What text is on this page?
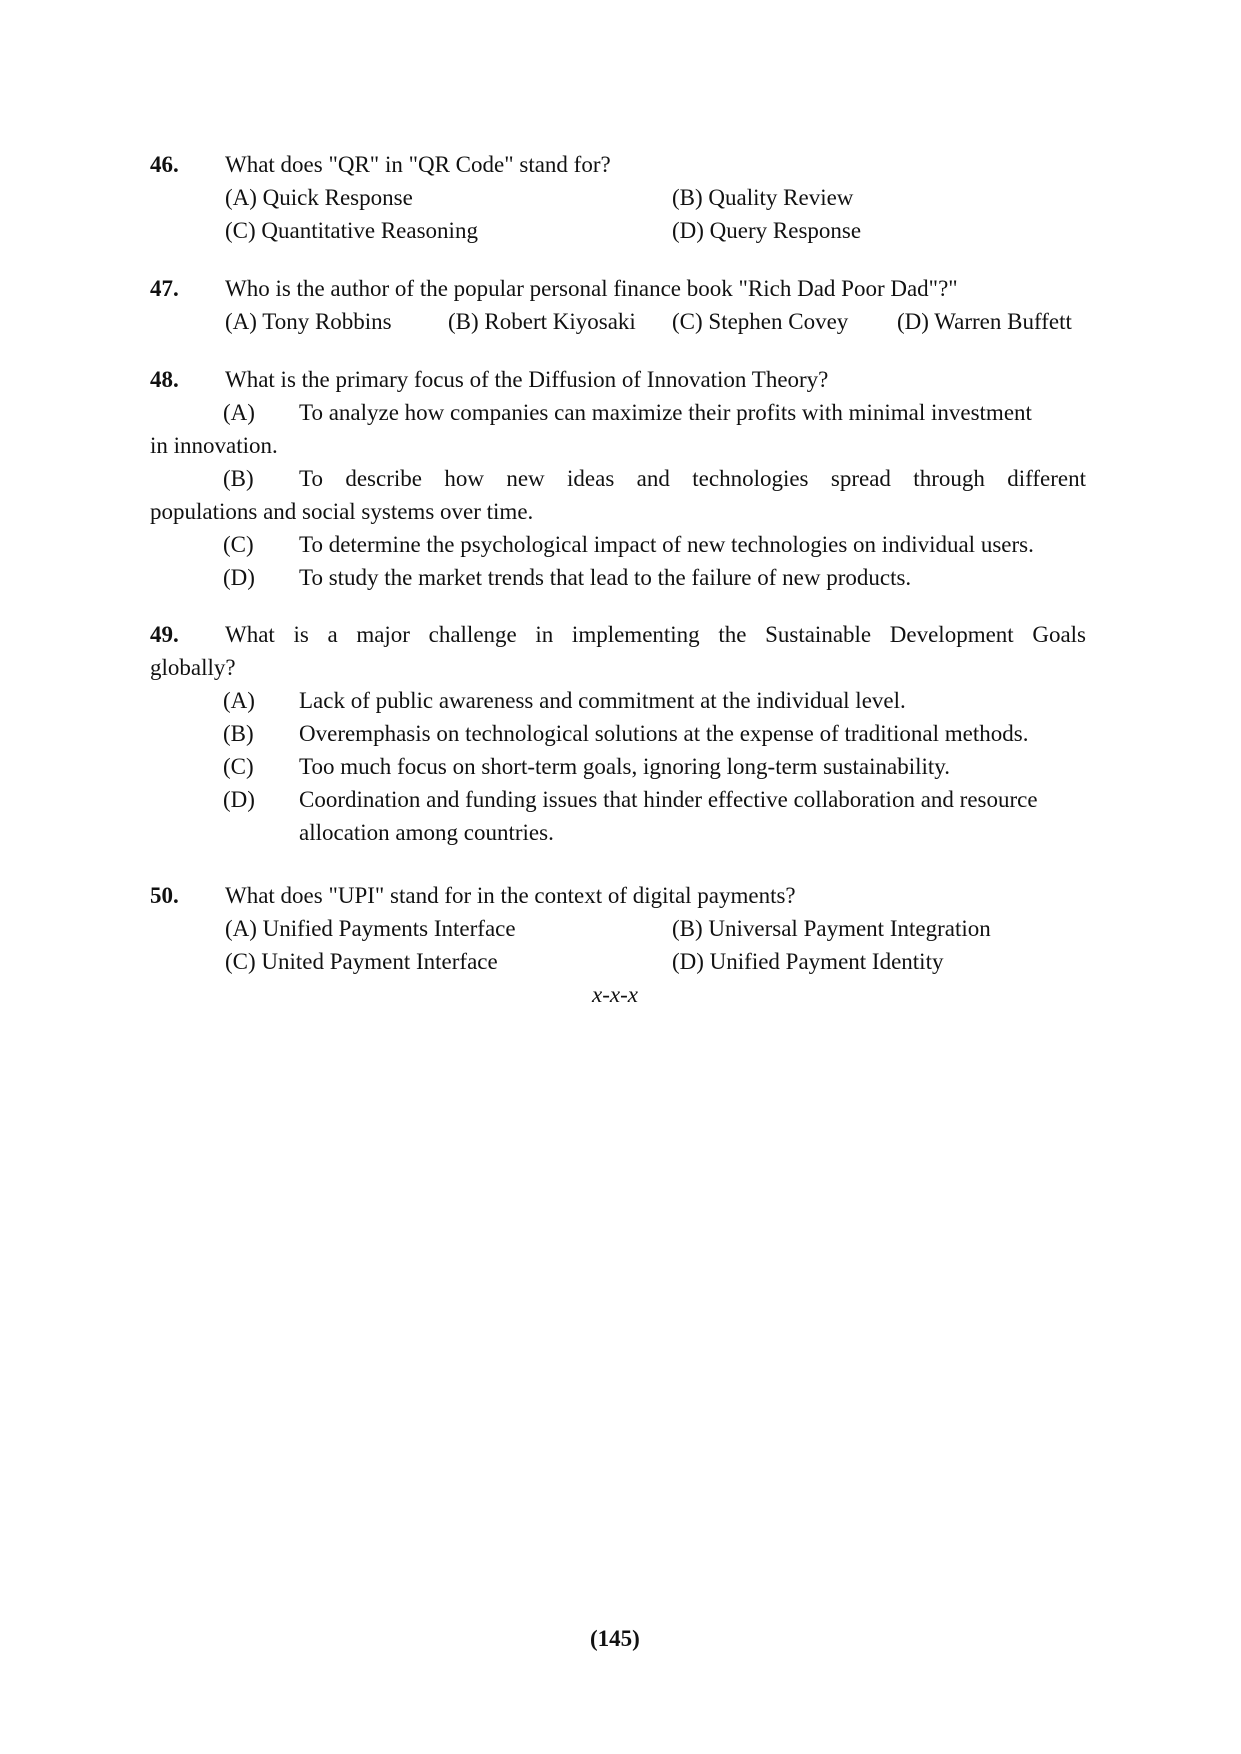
46. What does "QR" in "QR Code" stand for?
(A) Quick Response	(B) Quality Review
(C) Quantitative Reasoning	(D) Query Response
47. Who is the author of the popular personal finance book "Rich Dad Poor Dad"?"
(A) Tony Robbins (B) Robert Kiyosaki (C) Stephen Covey (D) Warren Buffett
48. What is the primary focus of the Diffusion of Innovation Theory?
(A) To analyze how companies can maximize their profits with minimal investment
in innovation.
(B) To describe how new ideas and technologies spread through different
populations and social systems over time.
(C) To determine the psychological impact of new technologies on individual users.
(D) To study the market trends that lead to the failure of new products.
49. What is a major challenge in implementing the Sustainable Development Goals
globally?
(A) Lack of public awareness and commitment at the individual level.
(B) Overemphasis on technological solutions at the expense of traditional methods.
(C) Too much focus on short-term goals, ignoring long-term sustainability.
(D) Coordination and funding issues that hinder effective collaboration and resource
allocation among countries.
50. What does "UPI" stand for in the context of digital payments?
(A) Unified Payments Interface	(B) Universal Payment Integration
(C) United Payment Interface	(D) Unified Payment Identity
x-x-x
(145)
